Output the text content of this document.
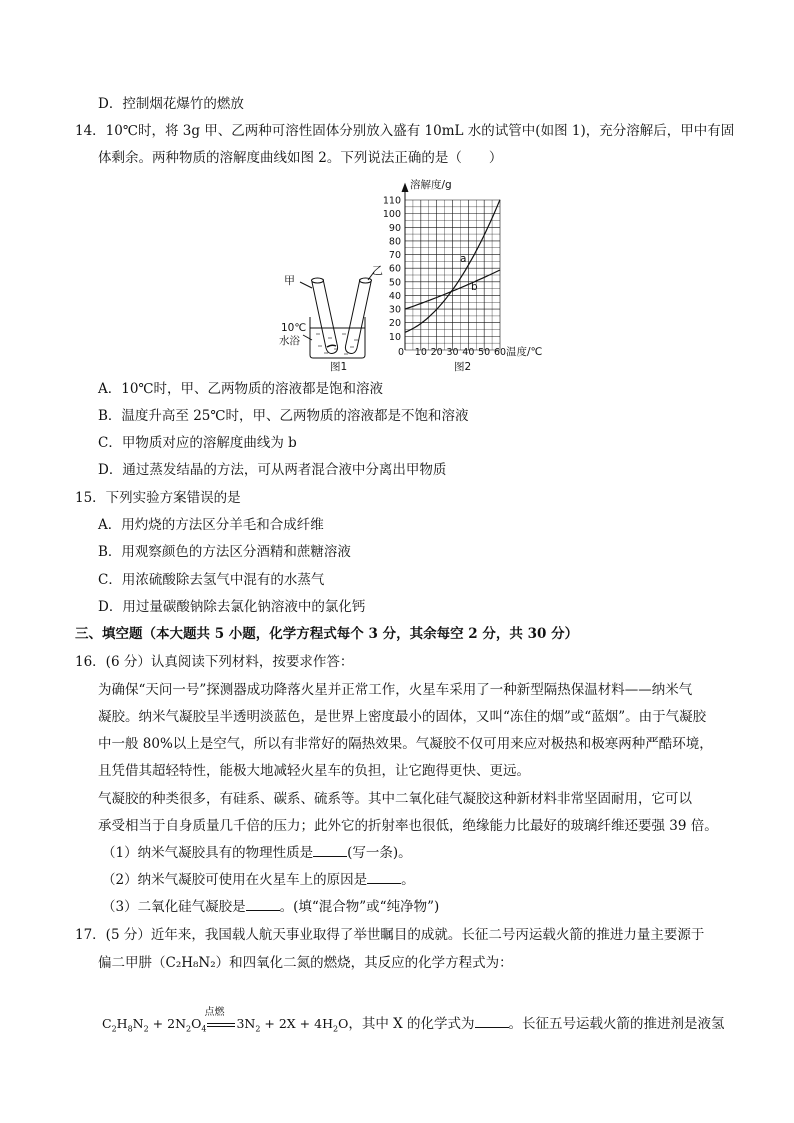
D．控制烟花爆竹的燃放
14．10℃时，将 3g 甲、乙两种可溶性固体分别放入盛有 10mL 水的试管中(如图 1)，充分溶解后，甲中有固
体剩余。两种物质的溶解度曲线如图 2。下列说法正确的是（　　）
甲
乙
10℃
水浴
图1
110
100
90
80
70
60
50
40
30
20
10
0 10 20 30 40 50 60
a
b
溶解度/g
温度/℃
图2
A．10℃时，甲、乙两物质的溶液都是饱和溶液
B．温度升高至 25℃时，甲、乙两物质的溶液都是不饱和溶液
C．甲物质对应的溶解度曲线为 b
D．通过蒸发结晶的方法，可从两者混合液中分离出甲物质
15．下列实验方案错误的是
A．用灼烧的方法区分羊毛和合成纤维
B．用观察颜色的方法区分酒精和蔗糖溶液
C．用浓硫酸除去氢气中混有的水蒸气
D．用过量碳酸钠除去氯化钠溶液中的氯化钙
三、填空题（本大题共 5 小题，化学方程式每个 3 分，其余每空 2 分，共 30 分）
16．(6 分）认真阅读下列材料，按要求作答：
为确保“天问一号”探测器成功降落火星并正常工作，火星车采用了一种新型隔热保温材料——纳米气
凝胶。纳米气凝胶呈半透明淡蓝色，是世界上密度最小的固体，又叫“冻住的烟”或“蓝烟”。由于气凝胶
中一般 80%以上是空气，所以有非常好的隔热效果。气凝胶不仅可用来应对极热和极寒两种严酷环境，
且凭借其超轻特性，能极大地减轻火星车的负担，让它跑得更快、更远。
气凝胶的种类很多，有硅系、碳系、硫系等。其中二氧化硅气凝胶这种新材料非常坚固耐用，它可以
承受相当于自身质量几千倍的压力；此外它的折射率也很低，绝缘能力比最好的玻璃纤维还要强 39 倍。
（1）纳米气凝胶具有的物理性质是	(写一条)。
（2）纳米气凝胶可使用在火星车上的原因是	。
（3）二氧化硅气凝胶是	。(填“混合物”或“纯净物”)
17．(5 分）近年来，我国载人航天事业取得了举世瞩目的成就。长征二号丙运载火箭的推进力量主要源于
偏二甲肼（C₂H₈N₂）和四氧化二氮的燃烧，其反应的化学方程式为：
$C_2H_8N_2 + 2N_2O_4$
点燃
$3N_2 + 2X + 4H_2O$，其中 X 的化学式为	。长征五号运载火箭的推进剂是液氢
